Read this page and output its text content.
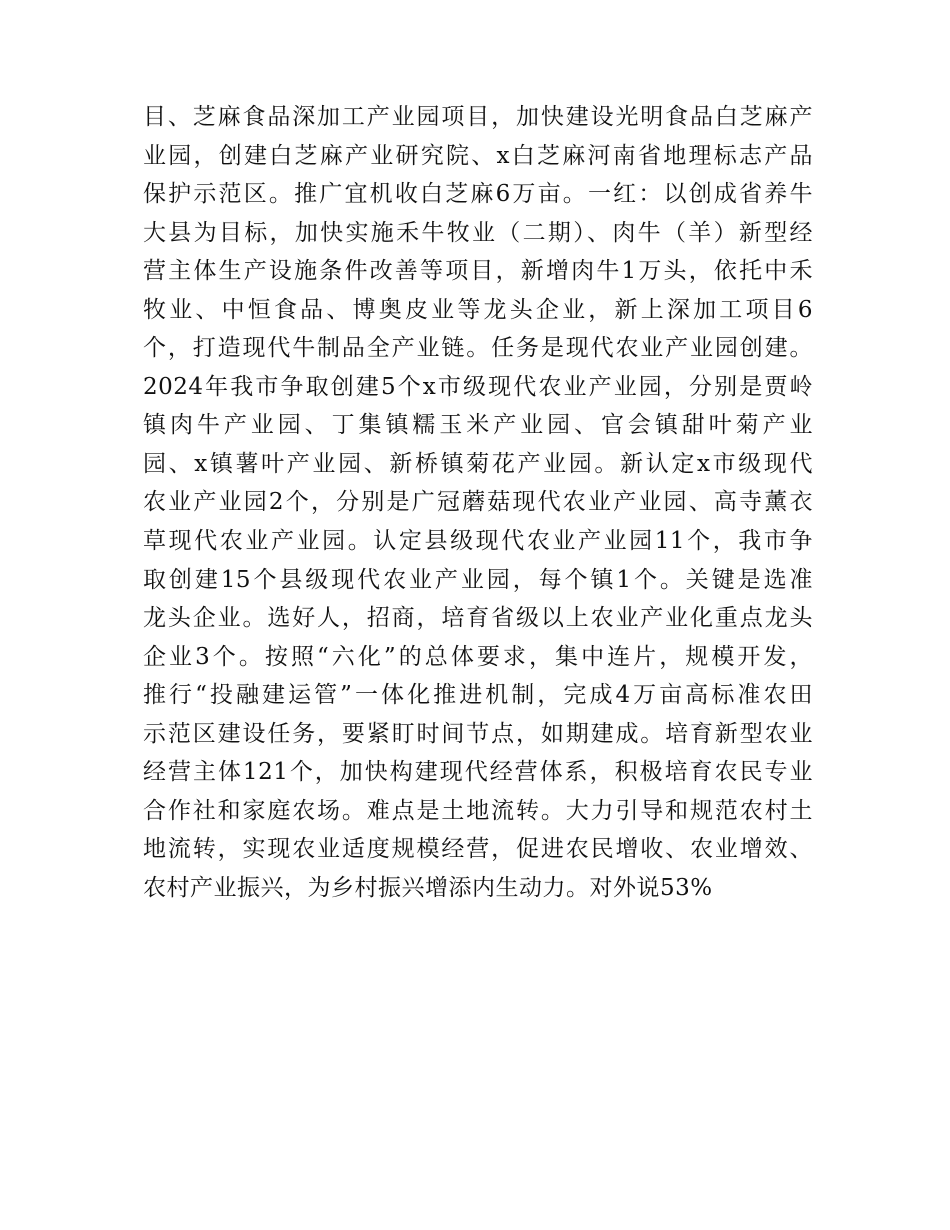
目、芝麻食品深加工产业园项目，加快建设光明食品白芝麻产
业园，创建白芝麻产业研究院、x白芝麻河南省地理标志产品
保护示范区。推广宜机收白芝麻6万亩。一红：以创成省养牛
大县为目标，加快实施禾牛牧业（二期）、肉牛（羊）新型经
营主体生产设施条件改善等项目，新增肉牛1万头，依托中禾
牧业、中恒食品、博奥皮业等龙头企业，新上深加工项目6
个，打造现代牛制品全产业链。任务是现代农业产业园创建。
2024年我市争取创建5个x市级现代农业产业园，分别是贾岭
镇肉牛产业园、丁集镇糯玉米产业园、官会镇甜叶菊产业
园、x镇薯叶产业园、新桥镇菊花产业园。新认定x市级现代
农业产业园2个，分别是广冠蘑菇现代农业产业园、高寺薰衣
草现代农业产业园。认定县级现代农业产业园11个，我市争
取创建15个县级现代农业产业园，每个镇1个。关键是选准
龙头企业。选好人，招商，培育省级以上农业产业化重点龙头
企业3个。按照“六化”的总体要求，集中连片，规模开发，
推行“投融建运管”一体化推进机制，完成4万亩高标准农田
示范区建设任务，要紧盯时间节点，如期建成。培育新型农业
经营主体121个，加快构建现代经营体系，积极培育农民专业
合作社和家庭农场。难点是土地流转。大力引导和规范农村土
地流转，实现农业适度规模经营，促进农民增收、农业增效、
农村产业振兴，为乡村振兴增添内生动力。对外说53%
